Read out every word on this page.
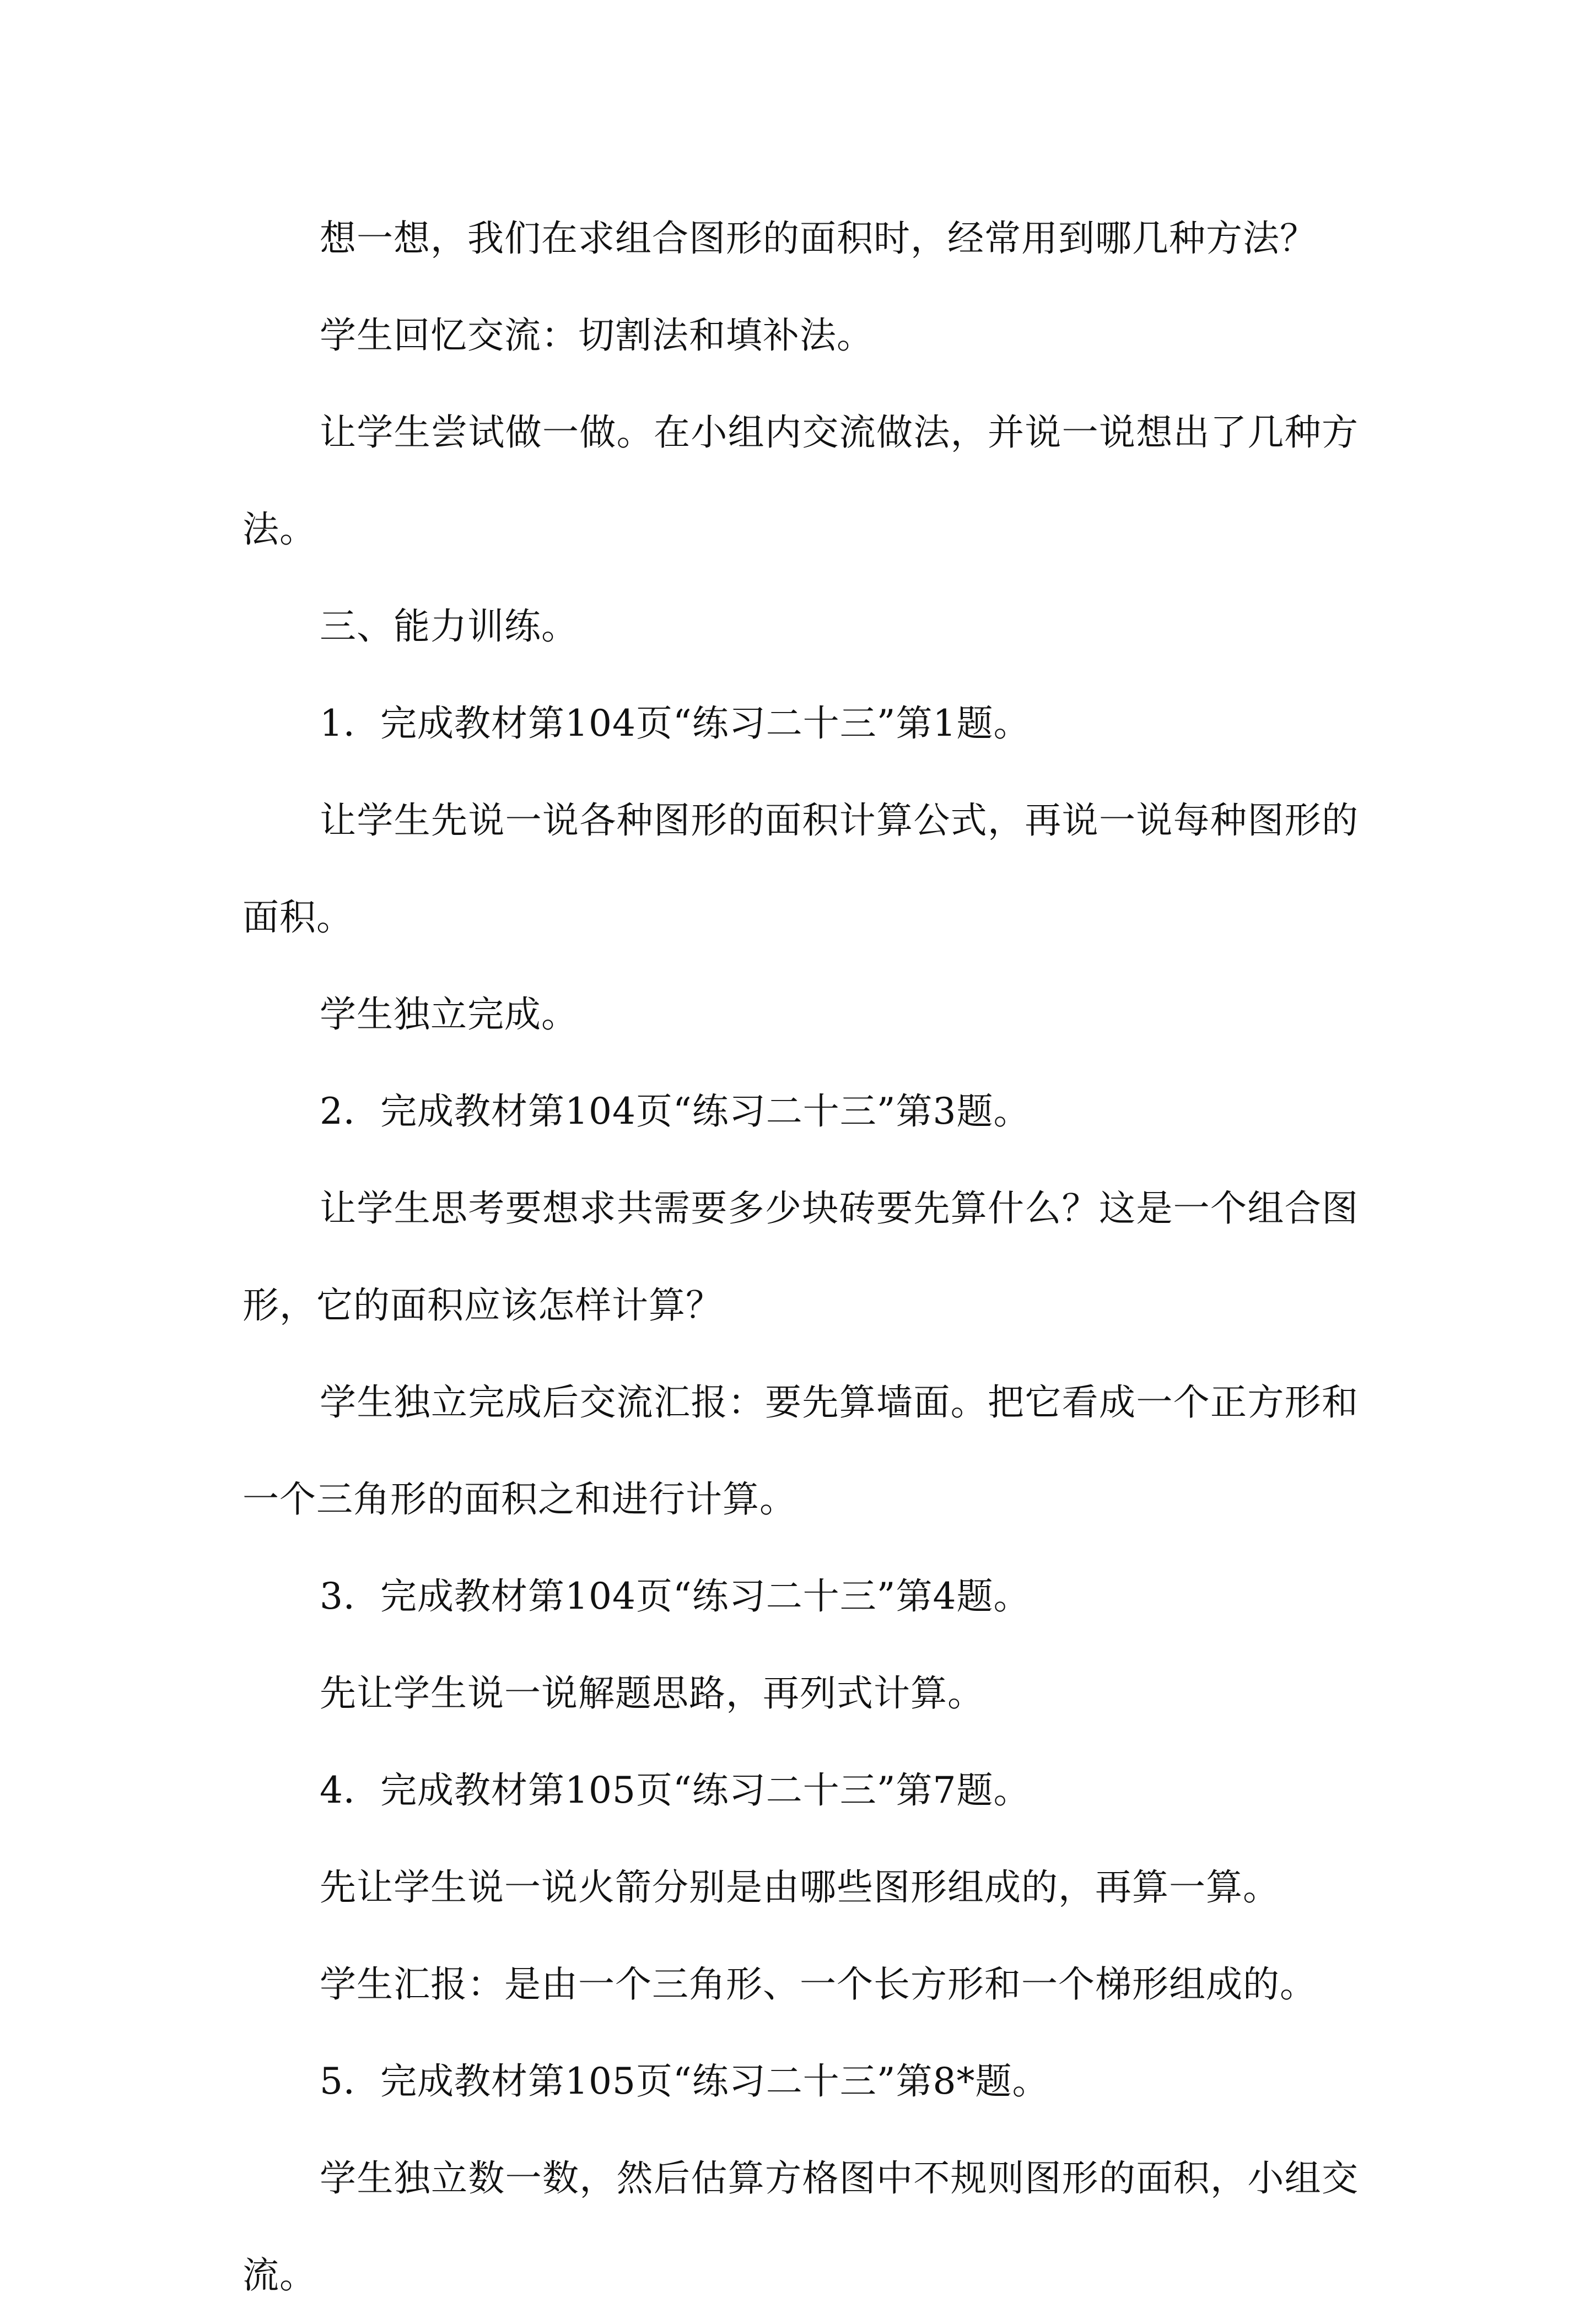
想一想，我们在求组合图形的面积时，经常用到哪几种方法？

学生回忆交流：切割法和填补法。

让学生尝试做一做。在小组内交流做法，并说一说想出了几种方法。

三、能力训练。

1．完成教材第104页“练习二十三”第1题。

让学生先说一说各种图形的面积计算公式，再说一说每种图形的面积。

学生独立完成。

2．完成教材第104页“练习二十三”第3题。

让学生思考要想求共需要多少块砖要先算什么？这是一个组合图形，它的面积应该怎样计算？

学生独立完成后交流汇报：要先算墙面。把它看成一个正方形和一个三角形的面积之和进行计算。

3．完成教材第104页“练习二十三”第4题。

先让学生说一说解题思路，再列式计算。

4．完成教材第105页“练习二十三”第7题。

先让学生说一说火箭分别是由哪些图形组成的，再算一算。

学生汇报：是由一个三角形、一个长方形和一个梯形组成的。

5．完成教材第105页“练习二十三”第8*题。

学生独立数一数，然后估算方格图中不规则图形的面积，小组交流。
